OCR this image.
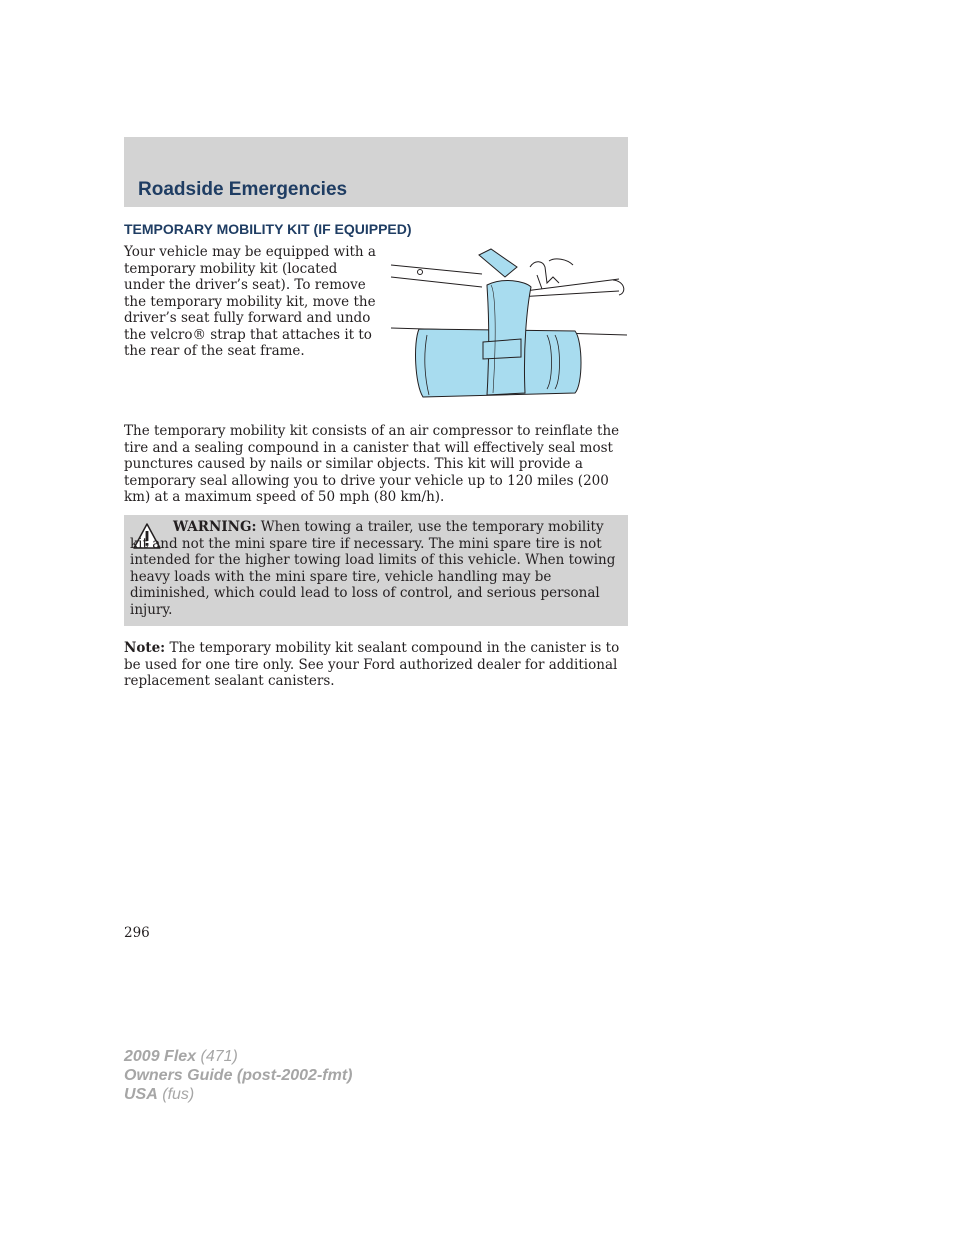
Roadside Emergencies
TEMPORARY MOBILITY KIT (IF EQUIPPED)

Your vehicle may be equipped with a temporary mobility kit (located under the driver’s seat). To remove the temporary mobility kit, move the driver’s seat fully forward and undo the velcro® strap that attaches it to the rear of the seat frame.

The temporary mobility kit consists of an air compressor to reinflate the tire and a sealing compound in a canister that will effectively seal most punctures caused by nails or similar objects. This kit will provide a temporary seal allowing you to drive your vehicle up to 120 miles (200 km) at a maximum speed of 50 mph (80 km/h).

WARNING: When towing a trailer, use the temporary mobility kit and not the mini spare tire if necessary. The mini spare tire is not intended for the higher towing load limits of this vehicle. When towing heavy loads with the mini spare tire, vehicle handling may be diminished, which could lead to loss of control, and serious personal injury.

Note: The temporary mobility kit sealant compound in the canister is to be used for one tire only. See your Ford authorized dealer for additional replacement sealant canisters.

296
2009 Flex (471)
Owners Guide (post-2002-fmt)
USA (fus)
